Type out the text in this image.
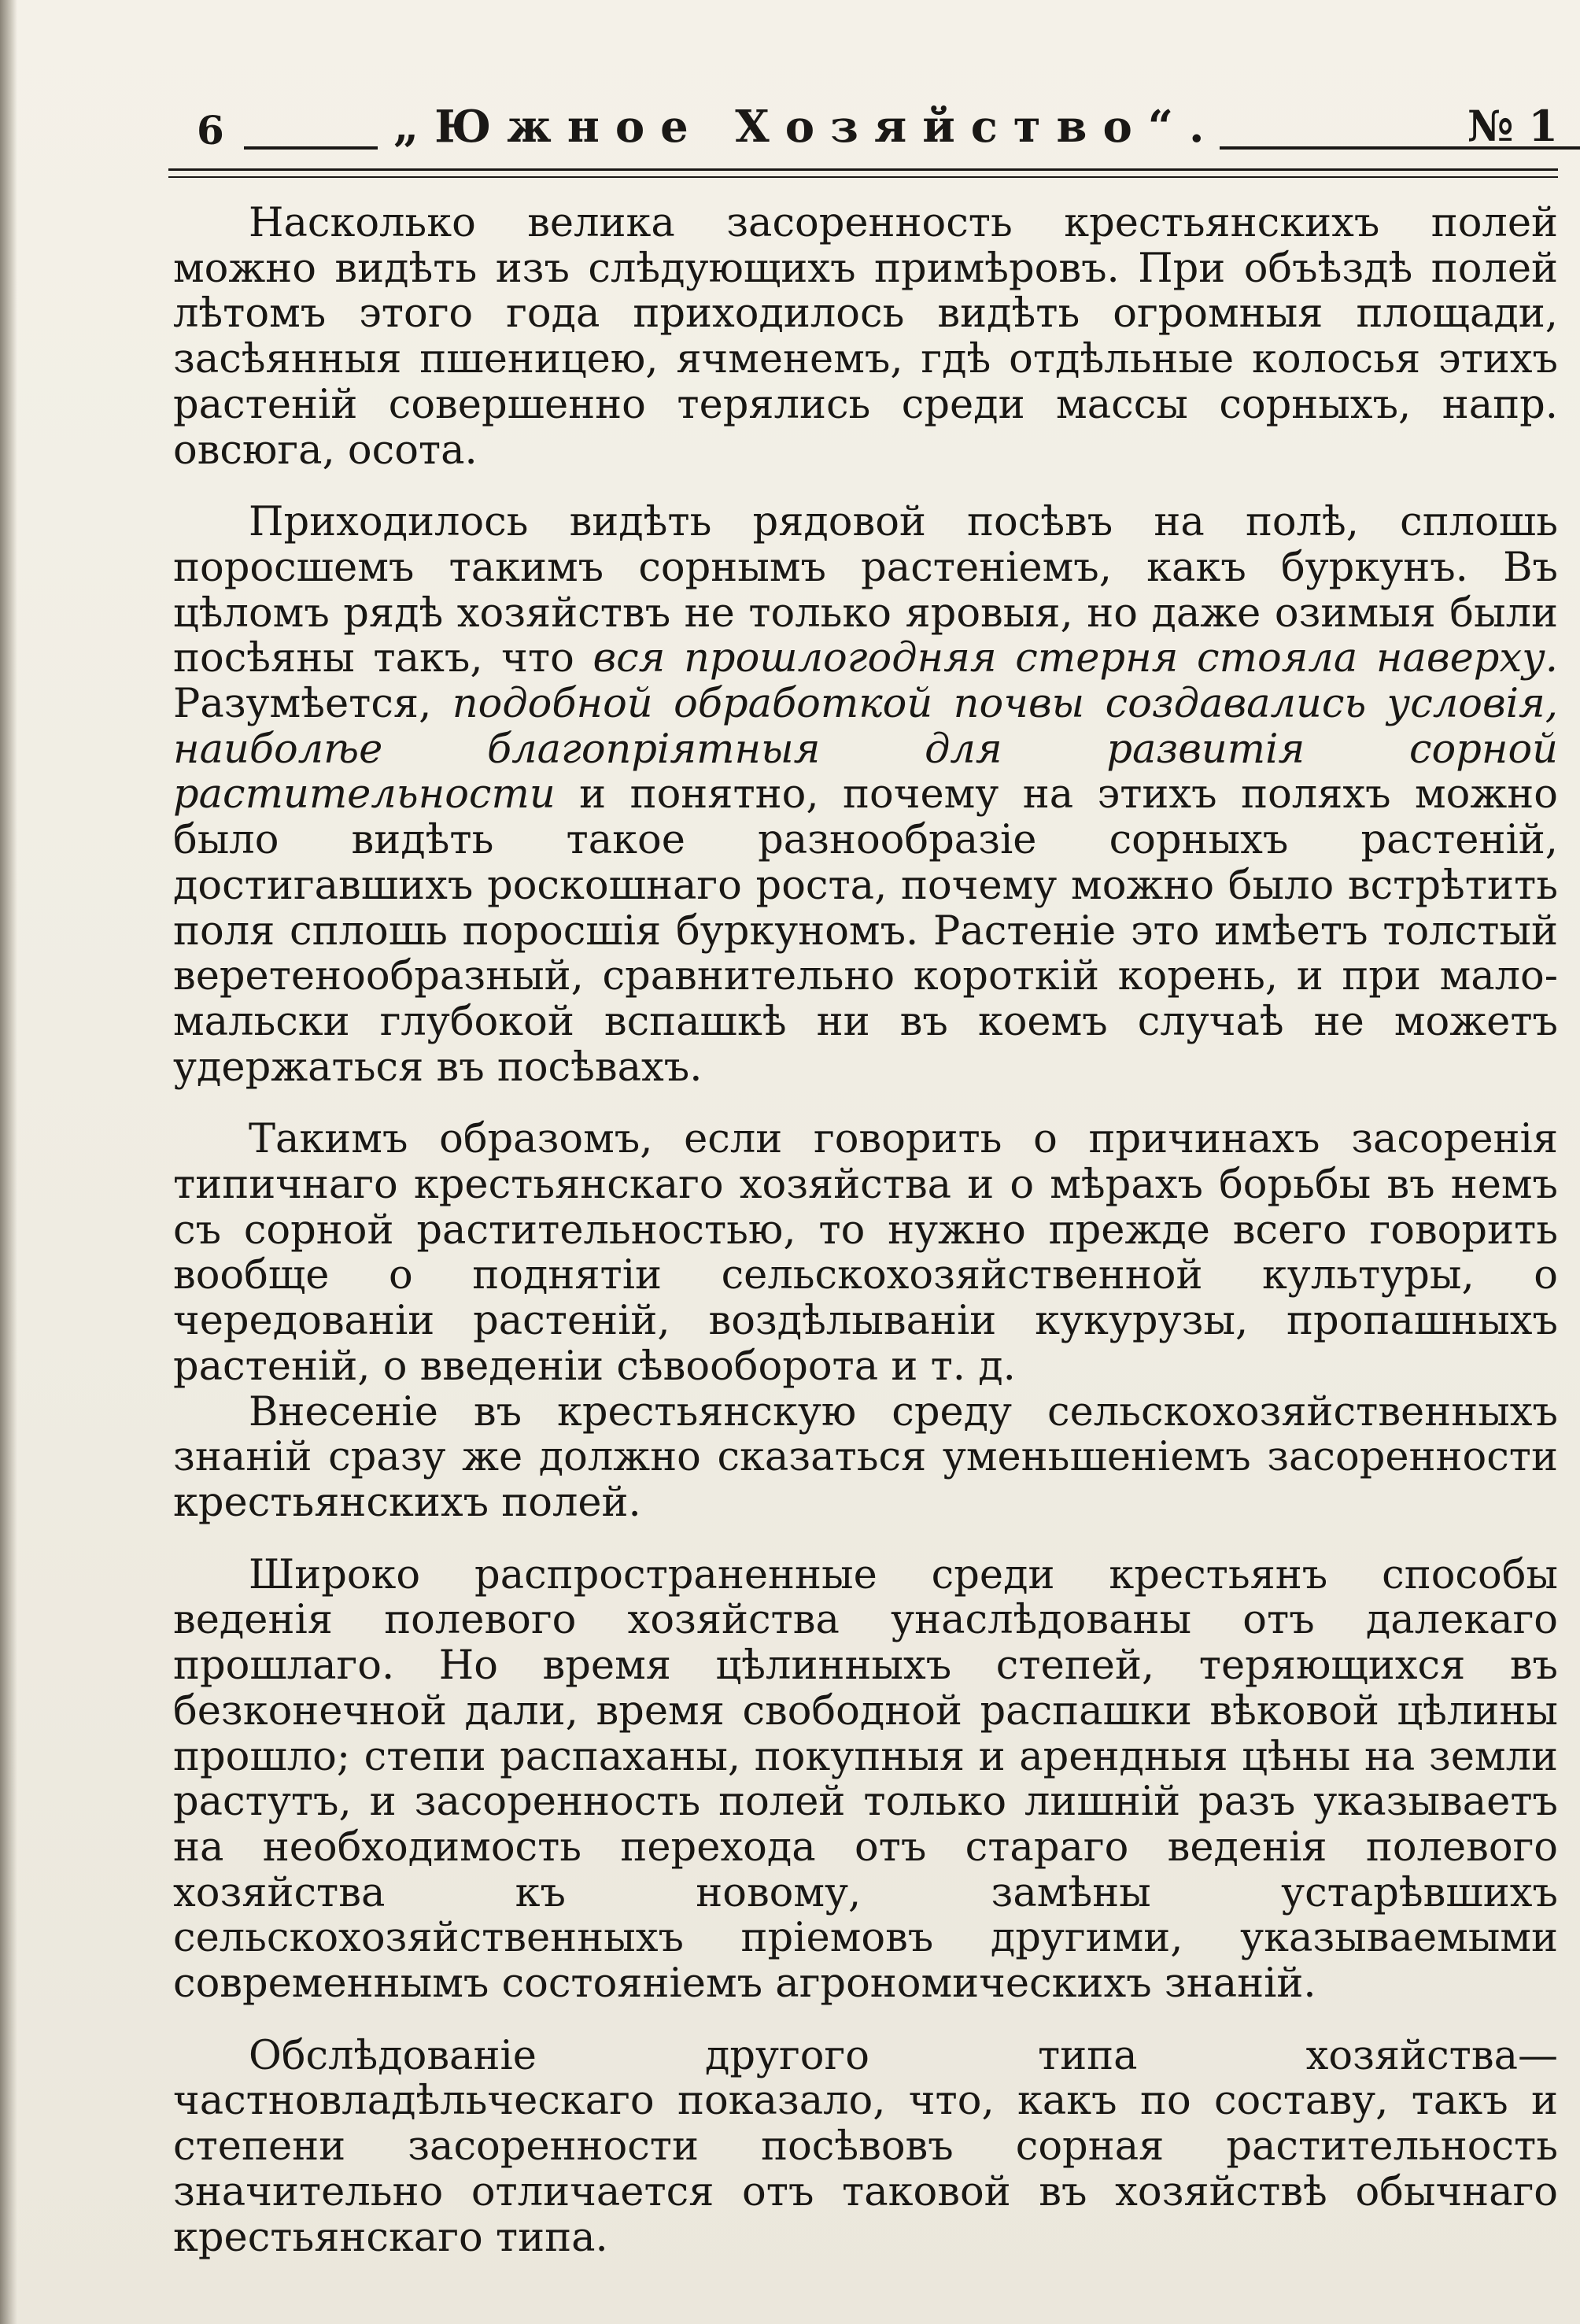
6	„Южное Хозяйство“.	№ 1

Насколько велика засоренность крестьянскихъ полей можно видѣть изъ слѣдующихъ примѣровъ. При объѣздѣ полей лѣтомъ этого года приходилось видѣть огромныя площади, засѣянныя пшеницею, ячменемъ, гдѣ отдѣльные колосья этихъ растеній совершенно терялись среди массы сорныхъ, напр. овсюга, осота.

Приходилось видѣть рядовой посѣвъ на полѣ, сплошь поросшемъ такимъ сорнымъ растеніемъ, какъ буркунъ. Въ цѣломъ рядѣ хозяйствъ не только яровыя, но даже озимыя были посѣяны такъ, что вся прошлогодняя стерня стояла наверху. Разумѣется, подобной обработкой почвы создавались условія, наиболѣе благопріятныя для развитія сорной растительности и понятно, почему на этихъ поляхъ можно было видѣть такое разнообразіе сорныхъ растеній, достигавшихъ роскошнаго роста, почему можно было встрѣтить поля сплошь поросшія буркуномъ. Растеніе это имѣетъ толстый веретенообразный, сравнительно короткій корень, и при мало-мальски глубокой вспашкѣ ни въ коемъ случаѣ не можетъ удержаться въ посѣвахъ.

Такимъ образомъ, если говорить о причинахъ засоренія типичнаго крестьянскаго хозяйства и о мѣрахъ борьбы въ немъ съ сорной растительностью, то нужно прежде всего говорить вообще о поднятіи сельскохозяйственной культуры, о чередованіи растеній, воздѣлываніи кукурузы, пропашныхъ растеній, о введеніи сѣвооборота и т. д.

Внесеніе въ крестьянскую среду сельскохозяйственныхъ знаній сразу же должно сказаться уменьшеніемъ засоренности крестьянскихъ полей.

Широко распространенные среди крестьянъ способы веденія полевого хозяйства унаслѣдованы отъ далекаго прошлаго. Но время цѣлинныхъ степей, теряющихся въ безконечной дали, время свободной распашки вѣковой цѣлины прошло; степи распаханы, покупныя и арендныя цѣны на земли растутъ, и засоренность полей только лишній разъ указываетъ на необходимость перехода отъ стараго веденія полевого хозяйства къ новому, замѣны устарѣвшихъ сельскохозяйственныхъ пріемовъ другими, указываемыми современнымъ состояніемъ агрономическихъ знаній.

Обслѣдованіе другого типа хозяйства—частновладѣльческаго показало, что, какъ по составу, такъ и степени засоренности посѣвовъ сорная растительность значительно отличается отъ таковой въ хозяйствѣ обычнаго крестьянскаго типа.
